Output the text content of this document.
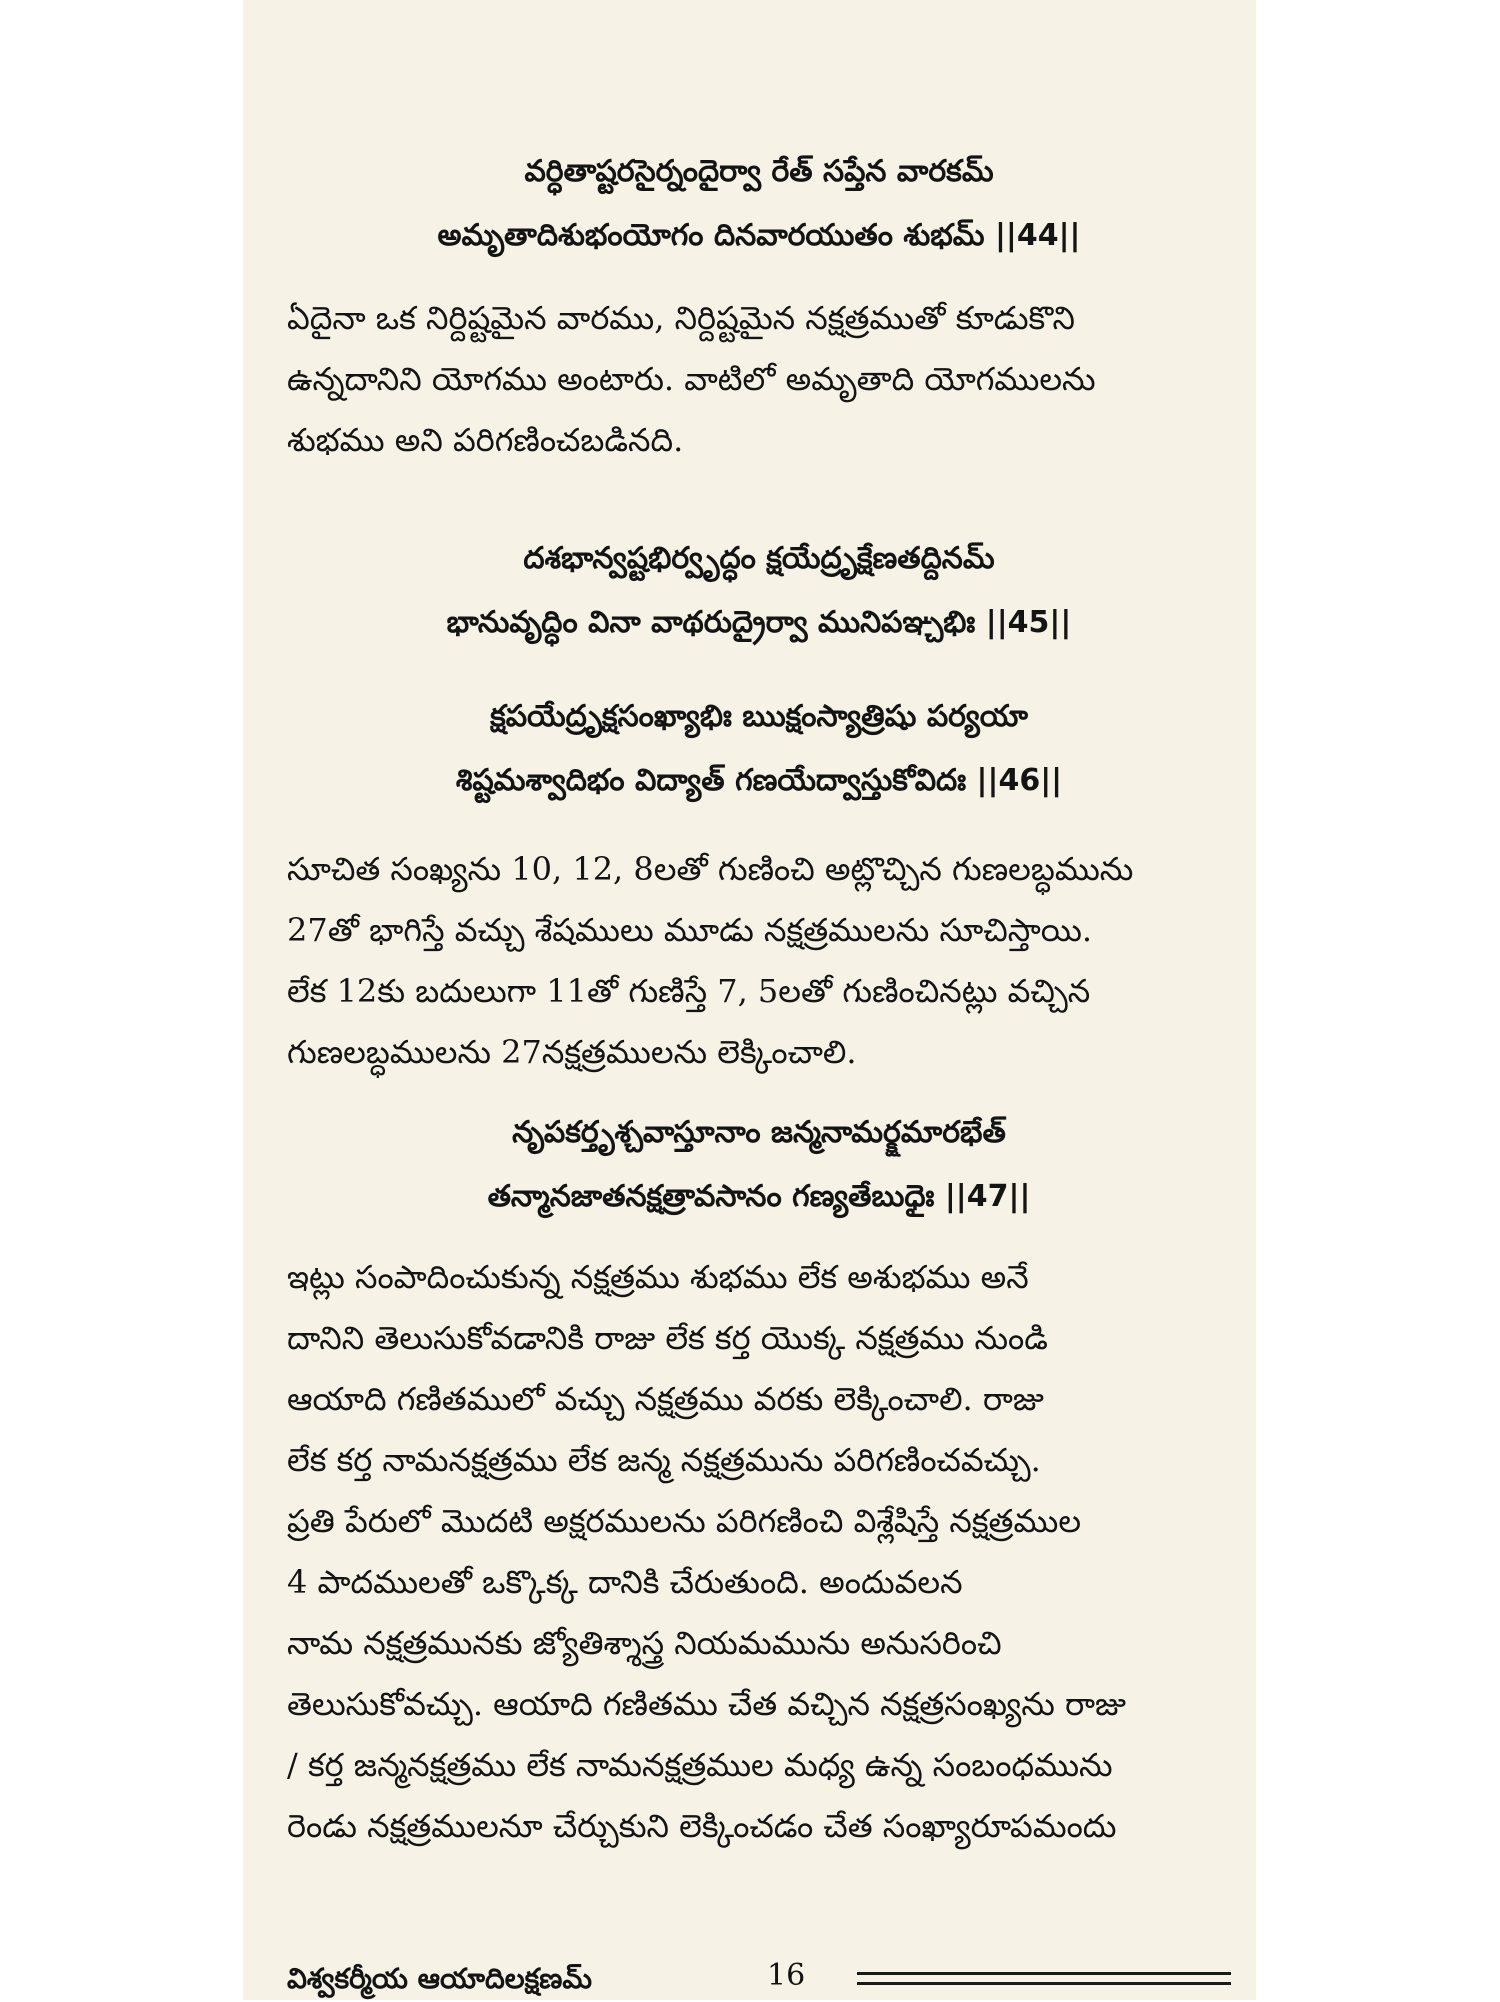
వర్ధితాష్టరసైర్నందైర్వా రేత్ సప్తేన వారకమ్
అమృతాదిశుభంయోగం దినవారయుతం శుభమ్ ||44||
ఏదైనా ఒక నిర్దిష్టమైన వారము, నిర్దిష్టమైన నక్షత్రముతో కూడుకొని
ఉన్నదానిని యోగము అంటారు. వాటిలో అమృతాది యోగములను
శుభము అని పరిగణించబడినది.
దశభాన్వష్టభిర్వృద్ధం క్షయేద్రృక్షేణతద్దినమ్
భానువృద్ధిం వినా వాథరుద్రైర్వా మునిపఞ్చభిః ||45||
క్షపయేద్రృక్షసంఖ్యాభిః ఋక్షంస్యాత్రిషు పర్యయా
శిష్టమశ్వాదిభం విద్యాత్ గణయేద్వాస్తుకోవిదః ||46||
సూచిత సంఖ్యను 10, 12, 8లతో గుణించి అట్లొచ్చిన గుణలబ్ధమును
27తో భాగిస్తే వచ్చు శేషములు మూడు నక్షత్రములను సూచిస్తాయి.
లేక 12కు బదులుగా 11తో గుణిస్తే 7, 5లతో గుణించినట్లు వచ్చిన
గుణలబ్ధములను 27నక్షత్రములను లెక్కించాలి.
నృపకర్తృశ్చవాస్తూనాం జన్మనామర్క్షమారభేత్
తన్మానజాతనక్షత్రావసానం గణ్యతేబుధైః ||47||
ఇట్లు సంపాదించుకున్న నక్షత్రము శుభము లేక అశుభము అనే
దానిని తెలుసుకోవడానికి రాజు లేక కర్త యొక్క నక్షత్రము నుండి
ఆయాది గణితములో వచ్చు నక్షత్రము వరకు లెక్కించాలి. రాజు
లేక కర్త నామనక్షత్రము లేక జన్మ నక్షత్రమును పరిగణించవచ్చు.
ప్రతి పేరులో మొదటి అక్షరములను పరిగణించి విశ్లేషిస్తే నక్షత్రముల
4 పాదములతో ఒక్కొక్క దానికి చేరుతుంది. అందువలన
నామ నక్షత్రమునకు జ్యోతిశ్శాస్త్ర నియమమును అనుసరించి
తెలుసుకోవచ్చు. ఆయాది గణితము చేత వచ్చిన నక్షత్రసంఖ్యను రాజు
/ కర్త జన్మనక్షత్రము లేక నామనక్షత్రముల మధ్య ఉన్న సంబంధమును
రెండు నక్షత్రములనూ చేర్చుకుని లెక్కించడం చేత సంఖ్యారూపమందు
విశ్వకర్మీయ ఆయాదిలక్షణమ్	16
